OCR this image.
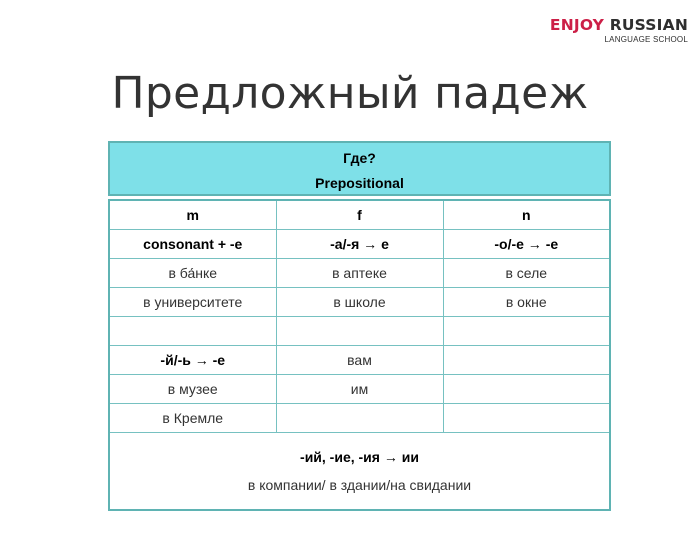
ENJOY RUSSIAN
LANGUAGE SCHOOL
Предложный падеж
Где?
Prepositional
m	f	n
consonant + -е	-а/-я → е	-о/-е → -е
в ба́нке	в аптеке	в селе
в университете	в школе	в окне

-й/-ь → -е	вам	
в музее	им	
в Кремле		

-ий, -ие, -ия → ии
в компании/ в здании/на свидании		
